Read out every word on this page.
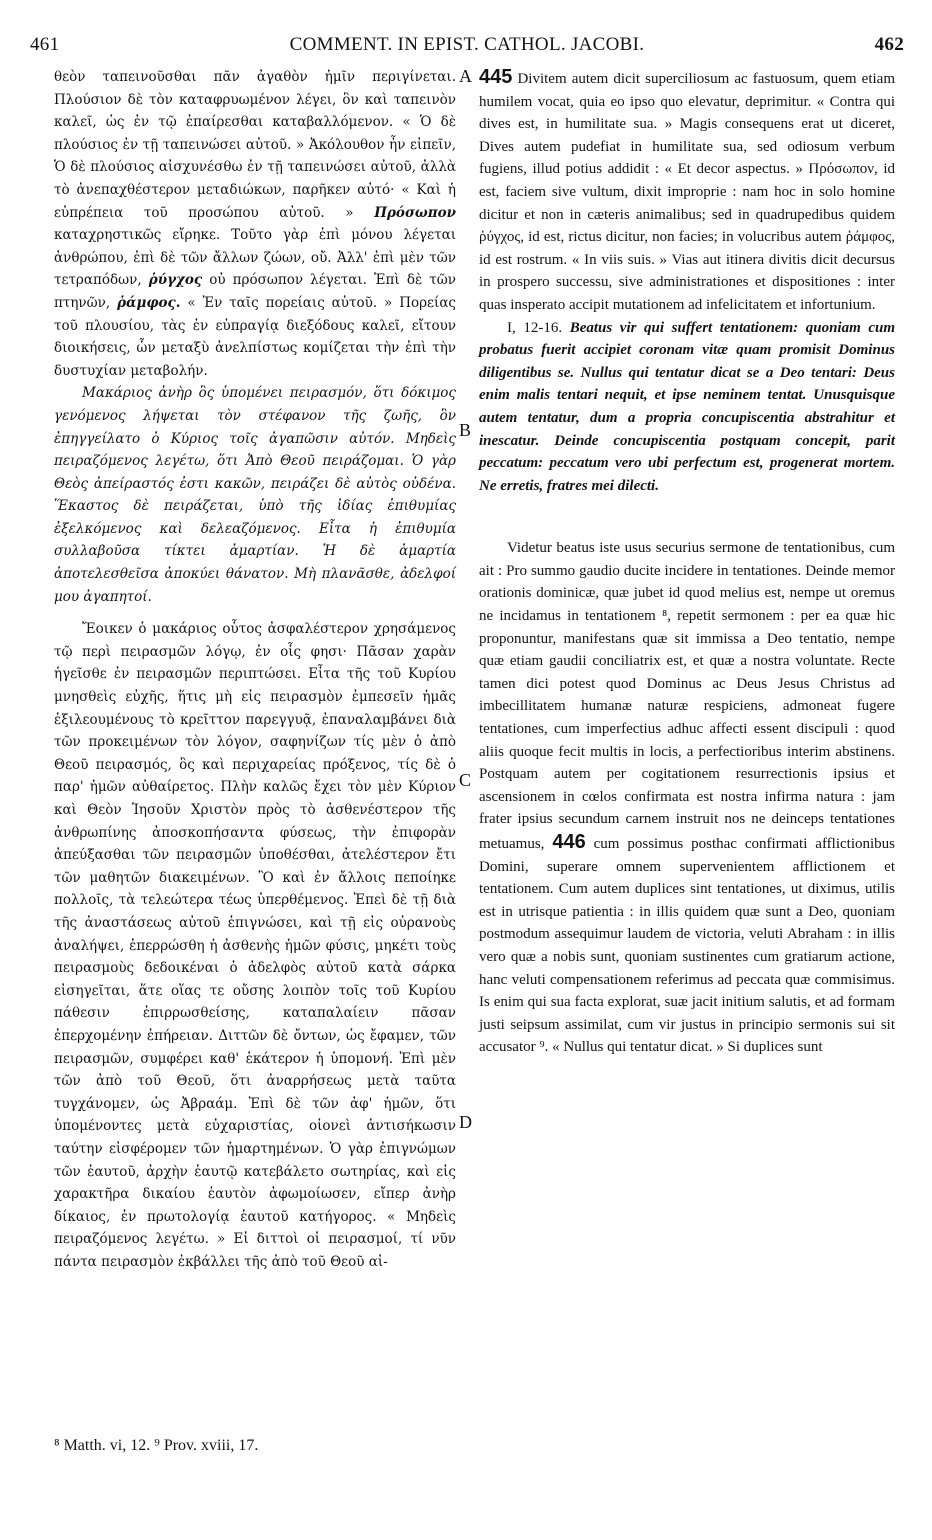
461	COMMENT. IN EPIST. CATHOL. JACOBI.	462
A
B
C
D

θεὸν ταπεινοῦσθαι πᾶν ἀγαθὸν ἡμῖν περιγίνεται. Πλούσιον δὲ τὸν καταφρυωμένον λέγει, ὃν καὶ ταπεινὸν καλεῖ, ὡς ἐν τῷ ἐπαίρεσθαι καταβαλλόμενον. « Ὁ δὲ πλούσιος ἐν τῇ ταπεινώσει αὐτοῦ. » Ἀκόλουθον ἦν εἰπεῖν, Ὁ δὲ πλούσιος αἰσχυνέσθω ἐν τῇ ταπεινώσει αὐτοῦ, ἀλλὰ τὸ ἀνεπαχθέστερον μεταδιώκων, παρῆκεν αὐτό· « Καὶ ἡ εὐπρέπεια τοῦ προσώπου αὐτοῦ. » Πρόσωπον καταχρηστικῶς εἴρηκε. Τοῦτο γὰρ ἐπὶ μόνου λέγεται ἀνθρώπου, ἐπὶ δὲ τῶν ἄλλων ζώων, οὔ. Ἀλλ' ἐπὶ μὲν τῶν τετραπόδων, ῥύγχος οὐ πρόσωπον λέγεται. Ἐπὶ δὲ τῶν πτηνῶν, ῥάμφος. « Ἐν ταῖς πορείαις αὐτοῦ. » Πορείας τοῦ πλουσίου, τὰς ἐν εὐπραγίᾳ διεξόδους καλεῖ, εἴτουν διοικήσεις, ὧν μεταξὺ ἀνελπίστως κομίζεται τὴν ἐπὶ τὴν δυστυχίαν μεταβολήν.

Μακάριος ἀνὴρ ὃς ὑπομένει πειρασμόν, ὅτι δόκιμος γενόμενος λήψεται τὸν στέφανον τῆς ζωῆς, ὃν ἐπηγγείλατο ὁ Κύριος τοῖς ἀγαπῶσιν αὐτόν. Μηδεὶς πειραζόμενος λεγέτω, ὅτι Ἀπὸ Θεοῦ πειράζομαι. Ὁ γὰρ Θεὸς ἀπείραστός ἐστι κακῶν, πειράζει δὲ αὐτὸς οὐδένα. Ἕκαστος δὲ πειράζεται, ὑπὸ τῆς ἰδίας ἐπιθυμίας ἐξελκόμενος καὶ δελεαζόμενος. Εἶτα ἡ ἐπιθυμία συλλαβοῦσα τίκτει ἁμαρτίαν. Ἡ δὲ ἁμαρτία ἀποτελεσθεῖσα ἀποκύει θάνατον. Μὴ πλανᾶσθε, ἀδελφοί μου ἀγαπητοί.

Ἔοικεν ὁ μακάριος οὗτος ἀσφαλέστερον χρησάμενος τῷ περὶ πειρασμῶν λόγῳ, ἐν οἷς φησι· Πᾶσαν χαρὰν ἡγεῖσθε ἐν πειρασμῶν περιπτώσει. Εἶτα τῆς τοῦ Κυρίου μνησθεὶς εὐχῆς, ἥτις μὴ εἰς πειρασμὸν ἐμπεσεῖν ἡμᾶς ἐξιλεουμένους τὸ κρεῖττον παρεγγυᾷ, ἐπαναλαμβάνει διὰ τῶν προκειμένων τὸν λόγον, σαφηνίζων τίς μὲν ὁ ἀπὸ Θεοῦ πειρασμός, ὃς καὶ περιχαρείας πρόξενος, τίς δὲ ὁ παρ' ἡμῶν αὐθαίρετος. Πλὴν καλῶς ἔχει τὸν μὲν Κύριον καὶ Θεὸν Ἰησοῦν Χριστὸν πρὸς τὸ ἀσθενέστερον τῆς ἀνθρωπίνης ἀποσκοπήσαντα φύσεως, τὴν ἐπιφορὰν ἀπεύξασθαι τῶν πειρασμῶν ὑποθέσθαι, ἀτελέστερον ἔτι τῶν μαθητῶν διακειμένων. Ὃ καὶ ἐν ἄλλοις πεποίηκε πολλοῖς, τὰ τελεώτερα τέως ὑπερθέμενος. Ἐπεὶ δὲ τῇ διὰ τῆς ἀναστάσεως αὐτοῦ ἐπιγνώσει, καὶ τῇ εἰς οὐρανοὺς ἀναλήψει, ἐπερρώσθη ἡ ἀσθενὴς ἡμῶν φύσις, μηκέτι τοὺς πειρασμοὺς δεδοικέναι ὁ ἀδελφὸς αὐτοῦ κατὰ σάρκα εἰσηγεῖται, ἅτε οἵας τε οὔσης λοιπὸν τοῖς τοῦ Κυρίου πάθεσιν ἐπιρρωσθείσης, καταπαλαίειν πᾶσαν ἐπερχομένην ἐπήρειαν. Διττῶν δὲ ὄντων, ὡς ἔφαμεν, τῶν πειρασμῶν, συμφέρει καθ' ἑκάτερον ἡ ὑπομονή. Ἐπὶ μὲν τῶν ἀπὸ τοῦ Θεοῦ, ὅτι ἀναρρήσεως μετὰ ταῦτα τυγχάνομεν, ὡς Ἀβραάμ. Ἐπὶ δὲ τῶν ἀφ' ἡμῶν, ὅτι ὑπομένοντες μετὰ εὐχαριστίας, οἱονεὶ ἀντισήκωσιν ταύτην εἰσφέρομεν τῶν ἡμαρτημένων. Ὁ γὰρ ἐπιγνώμων τῶν ἑαυτοῦ, ἀρχὴν ἑαυτῷ κατεβάλετο σωτηρίας, καὶ εἰς χαρακτῆρα δικαίου ἑαυτὸν ἀφωμοίωσεν, εἴπερ ἀνὴρ δίκαιος, ἐν πρωτολογίᾳ ἑαυτοῦ κατήγορος. « Μηδεὶς πειραζόμενος λεγέτω. » Εἰ διττοὶ οἱ πειρασμοί, τί νῦν πάντα πειρασμὸν ἐκβάλλει τῆς ἀπὸ τοῦ Θεοῦ αἰ-

445 Divitem autem dicit superciliosum ac fastuosum, quem etiam humilem vocat, quia eo ipso quo elevatur, deprimitur. « Contra qui dives est, in humilitate sua. » Magis consequens erat ut diceret, Dives autem pudefiat in humilitate sua, sed odiosum verbum fugiens, illud potius addidit : « Et decor aspectus. » Πρόσωπον, id est, faciem sive vultum, dixit improprie : nam hoc in solo homine dicitur et non in cæteris animalibus; sed in quadrupedibus quidem ῥύγχος, id est, rictus dicitur, non facies; in volucribus autem ῥάμφος, id est rostrum. « In viis suis. » Vias aut itinera divitis dicit decursus in prospero successu, sive administrationes et dispositiones : inter quas insperato accipit mutationem ad infelicitatem et infortunium.

I, 12-16. Beatus vir qui suffert tentationem: quoniam cum probatus fuerit accipiet coronam vitæ quam promisit Dominus diligentibus se. Nullus qui tentatur dicat se a Deo tentari: Deus enim malis tentari nequit, et ipse neminem tentat. Unusquisque autem tentatur, dum a propria concupiscentia abstrahitur et inescatur. Deinde concupiscentia postquam concepit, parit peccatum: peccatum vero ubi perfectum est, progenerat mortem. Ne erretis, fratres mei dilecti.

Videtur beatus iste usus securius sermone de tentationibus, cum ait : Pro summo gaudio ducite incidere in tentationes. Deinde memor orationis dominicæ, quæ jubet id quod melius est, nempe ut oremus ne incidamus in tentationem ⁸, repetit sermonem : per ea quæ hic proponuntur, manifestans quæ sit immissa a Deo tentatio, nempe quæ etiam gaudii conciliatrix est, et quæ a nostra voluntate. Recte tamen dici potest quod Dominus ac Deus Jesus Christus ad imbecillitatem humanæ naturæ respiciens, admoneat fugere tentationes, cum imperfectius adhuc affecti essent discipuli : quod aliis quoque fecit multis in locis, a perfectioribus interim abstinens. Postquam autem per cogitationem resurrectionis ipsius et ascensionem in cœlos confirmata est nostra infirma natura : jam frater ipsius secundum carnem instruit nos ne deinceps tentationes metuamus, 446 cum possimus posthac confirmati afflictionibus Domini, superare omnem supervenientem afflictionem et tentationem. Cum autem duplices sint tentationes, ut diximus, utilis est in utrisque patientia : in illis quidem quæ sunt a Deo, quoniam postmodum assequimur laudem de victoria, veluti Abraham : in illis vero quæ a nobis sunt, quoniam sustinentes cum gratiarum actione, hanc veluti compensationem referimus ad peccata quæ commisimus. Is enim qui sua facta explorat, suæ jacit initium salutis, et ad formam justi seipsum assimilat, cum vir justus in principio sermonis sui sit accusator ⁹. « Nullus qui tentatur dicat. » Si duplices sunt

⁸ Matth. vi, 12. ⁹ Prov. xviii, 17.
